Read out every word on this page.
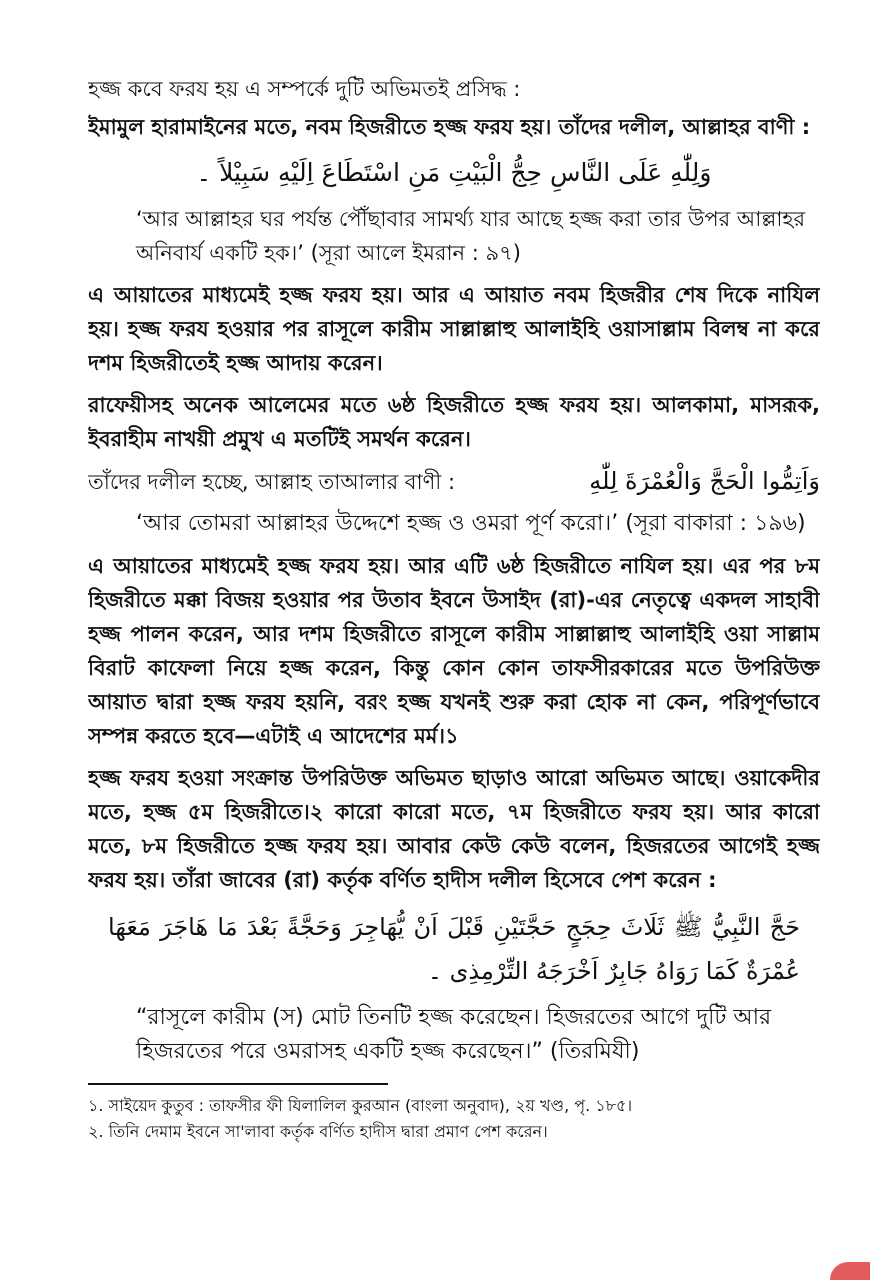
হজ্জ কবে ফরয হয় এ সম্পর্কে দুটি অভিমতই প্রসিদ্ধ :

ইমামুল হারামাইনের মতে, নবম হিজরীতে হজ্জ ফরয হয়। তাঁদের দলীল, আল্লাহর বাণী :

وَلِلّٰهِ عَلَى النَّاسِ حِجُّ الْبَيْتِ مَنِ اسْتَطَاعَ اِلَيْهِ سَبِيْلاً ۔
‘আর আল্লাহর ঘর পর্যন্ত পৌঁছাবার সামর্থ্য যার আছে হজ্জ করা তার উপর আল্লাহর অনিবার্য একটি হক।’ (সূরা আলে ইমরান : ৯৭)

এ আয়াতের মাধ্যমেই হজ্জ ফরয হয়। আর এ আয়াত নবম হিজরীর শেষ দিকে নাযিল হয়। হজ্জ ফরয হওয়ার পর রাসূলে কারীম সাল্লাল্লাহু আলাইহি ওয়াসাল্লাম বিলম্ব না করে দশম হিজরীতেই হজ্জ আদায় করেন।

রাফেয়ীসহ অনেক আলেমের মতে ৬ষ্ঠ হিজরীতে হজ্জ ফরয হয়। আলকামা, মাসরূক, ইবরাহীম নাখয়ী প্রমুখ এ মতটিই সমর্থন করেন।

তাঁদের দলীল হচ্ছে, আল্লাহ তাআলার বাণী :	وَاَتِمُّوا الْحَجَّ وَالْعُمْرَةَ لِلّٰهِ
‘আর তোমরা আল্লাহর উদ্দেশে হজ্জ ও ওমরা পূর্ণ করো।’ (সূরা বাকারা : ১৯৬)

এ আয়াতের মাধ্যমেই হজ্জ ফরয হয়। আর এটি ৬ষ্ঠ হিজরীতে নাযিল হয়। এর পর ৮ম হিজরীতে মক্কা বিজয় হওয়ার পর উতাব ইবনে উসাইদ (রা)-এর নেতৃত্বে একদল সাহাবী হজ্জ পালন করেন, আর দশম হিজরীতে রাসূলে কারীম সাল্লাল্লাহু আলাইহি ওয়া সাল্লাম বিরাট কাফেলা নিয়ে হজ্জ করেন, কিন্তু কোন কোন তাফসীরকারের মতে উপরিউক্ত আয়াত দ্বারা হজ্জ ফরয হয়নি, বরং হজ্জ যখনই শুরু করা হোক না কেন, পরিপূর্ণভাবে সম্পন্ন করতে হবে—এটাই এ আদেশের মর্ম।১

হজ্জ ফরয হওয়া সংক্রান্ত উপরিউক্ত অভিমত ছাড়াও আরো অভিমত আছে। ওয়াকেদীর মতে, হজ্জ ৫ম হিজরীতে।২ কারো কারো মতে, ৭ম হিজরীতে ফরয হয়। আর কারো মতে, ৮ম হিজরীতে হজ্জ ফরয হয়। আবার কেউ কেউ বলেন, হিজরতের আগেই হজ্জ ফরয হয়। তাঁরা জাবের (রা) কর্তৃক বর্ণিত হাদীস দলীল হিসেবে পেশ করেন :

حَجَّ النَّبِيُّ ﷺ ثَلَاثَ حِجَجٍ حَجَّتَيْنِ قَبْلَ اَنْ يُّهَاجِرَ وَحَجَّةً بَعْدَ مَا هَاجَرَ مَعَهَا عُمْرَةٌ كَمَا رَوَاهُ جَابِرٌ اَخْرَجَهُ التِّرْمِذِى ۔
“রাসূলে কারীম (স) মোট তিনটি হজ্জ করেছেন। হিজরতের আগে দুটি আর হিজরতের পরে ওমরাসহ একটি হজ্জ করেছেন।” (তিরমিযী)

১. সাইয়েদ কুতুব : তাফসীর ফী যিলালিল কুরআন (বাংলা অনুবাদ), ২য় খণ্ড, পৃ. ১৮৫।

২. তিনি দেমাম ইবনে সা'লাবা কর্তৃক বর্ণিত হাদীস দ্বারা প্রমাণ পেশ করেন।
